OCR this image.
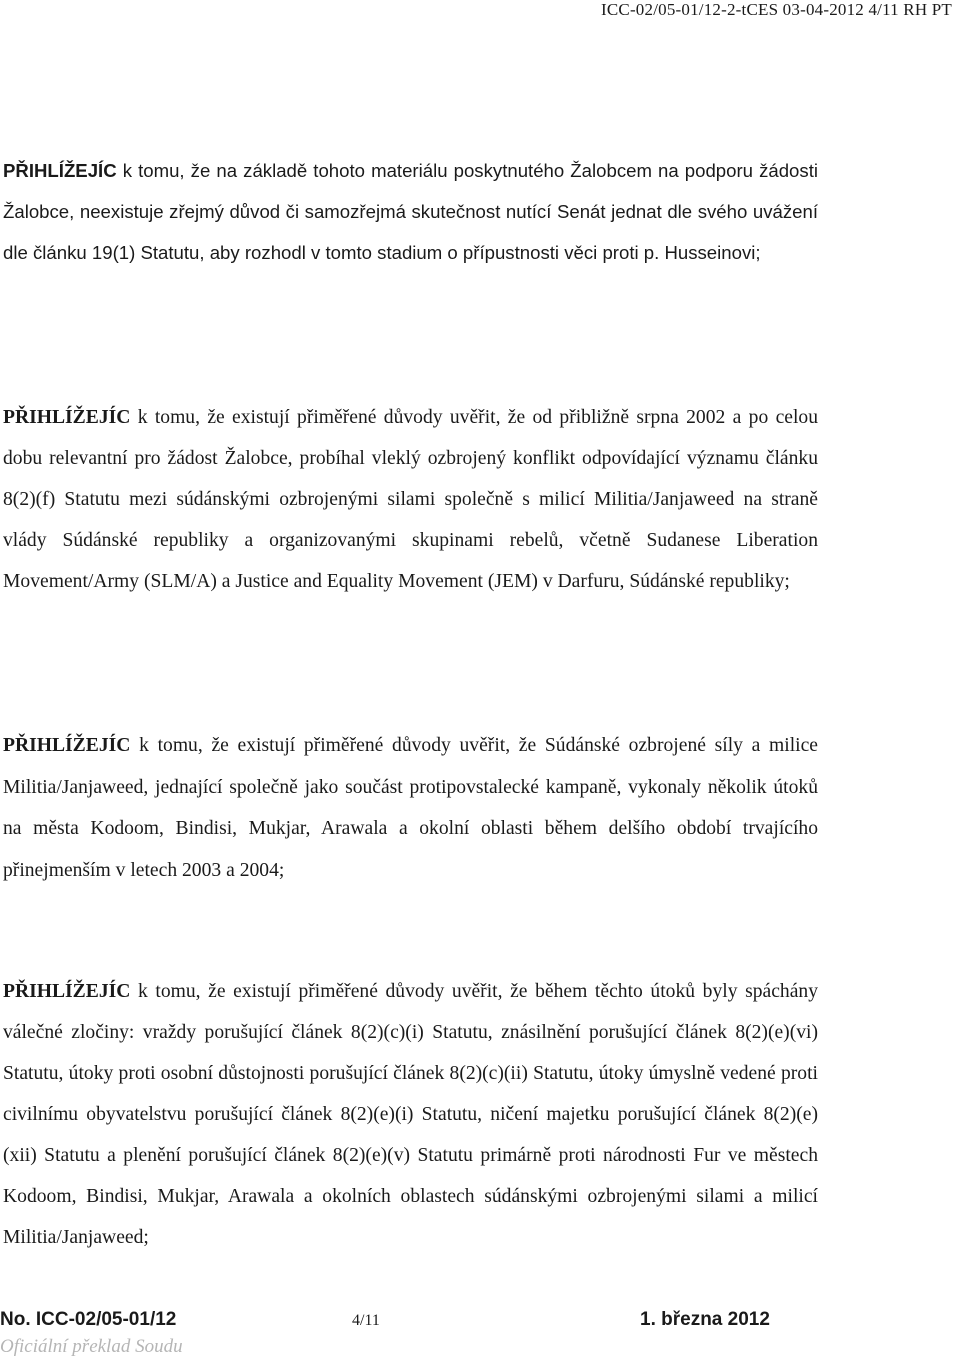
ICC-02/05-01/12-2-tCES 03-04-2012 4/11 RH PT

PŘIHLÍŽEJÍC k tomu, že na základě tohoto materiálu poskytnutého Žalobcem na podporu žádosti Žalobce, neexistuje zřejmý důvod či samozřejmá skutečnost nutící Senát jednat dle svého uvážení dle článku 19(1) Statutu, aby rozhodl v tomto stadium o přípustnosti věci proti p. Husseinovi;

PŘIHLÍŽEJÍC k tomu, že existují přiměřené důvody uvěřit, že od přibližně srpna 2002 a po celou dobu relevantní pro žádost Žalobce, probíhal vleklý ozbrojený konflikt odpovídající významu článku 8(2)(f) Statutu mezi súdánskými ozbrojenými silami společně s milicí Militia/Janjaweed na straně vlády Súdánské republiky a organizovanými skupinami rebelů, včetně Sudanese Liberation Movement/Army (SLM/A) a Justice and Equality Movement (JEM) v Darfuru, Súdánské republiky;

PŘIHLÍŽEJÍC k tomu, že existují přiměřené důvody uvěřit, že Súdánské ozbrojené síly a milice Militia/Janjaweed, jednající společně jako součást protipovstalecké kampaně, vykonaly několik útoků na města Kodoom, Bindisi, Mukjar, Arawala a okolní oblasti během delšího období trvajícího přinejmenším v letech 2003 a 2004;

PŘIHLÍŽEJÍC k tomu, že existují přiměřené důvody uvěřit, že během těchto útoků byly spáchány válečné zločiny: vraždy porušující článek 8(2)(c)(i) Statutu, znásilnění porušující článek 8(2)(e)(vi) Statutu, útoky proti osobní důstojnosti porušující článek 8(2)(c)(ii) Statutu, útoky úmyslně vedené proti civilnímu obyvatelstvu porušující článek 8(2)(e)(i) Statutu, ničení majetku porušující článek 8(2)(e)(xii) Statutu a plenění porušující článek 8(2)(e)(v) Statutu primárně proti národnosti Fur ve městech Kodoom, Bindisi, Mukjar, Arawala a okolních oblastech súdánskými ozbrojenými silami a milicí Militia/Janjaweed;

No. ICC-02/05-01/12	4/11	1. března 2012
Oficiální překlad Soudu
